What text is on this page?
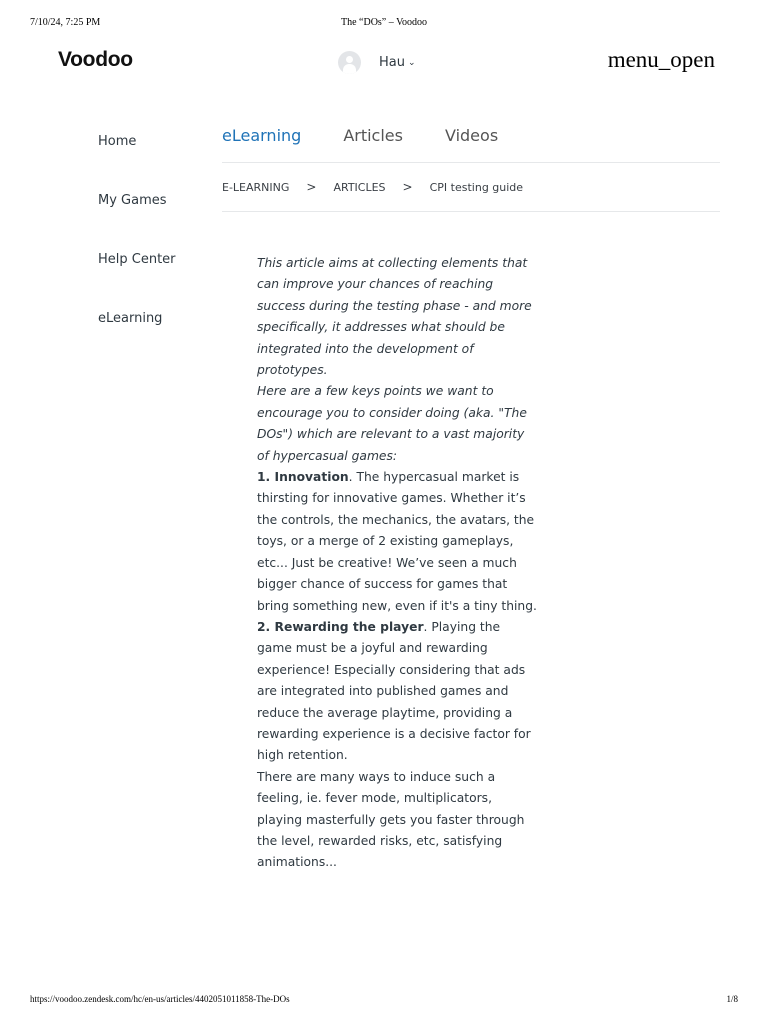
7/10/24, 7:25 PM	The “DOs” – Voodoo
Voodoo	Hau ⌄	menu_open
Home
My Games
Help Center
eLearning
eLearning	Articles	Videos
E-LEARNING > ARTICLES > CPI testing guide

This article aims at collecting elements that can improve your chances of reaching success during the testing phase - and more specifically, it addresses what should be integrated into the development of prototypes.

Here are a few keys points we want to encourage you to consider doing (aka. "The DOs") which are relevant to a vast majority of hypercasual games:

1. Innovation. The hypercasual market is thirsting for innovative games. Whether it’s the controls, the mechanics, the avatars, the toys, or a merge of 2 existing gameplays, etc... Just be creative! We’ve seen a much bigger chance of success for games that bring something new, even if it's a tiny thing.

2. Rewarding the player. Playing the game must be a joyful and rewarding experience! Especially considering that ads are integrated into published games and reduce the average playtime, providing a rewarding experience is a decisive factor for high retention.

There are many ways to induce such a feeling, ie. fever mode, multiplicators, playing masterfully gets you faster through the level, rewarded risks, etc, satisfying animations...

https://voodoo.zendesk.com/hc/en-us/articles/4402051011858-The-DOs	1/8
